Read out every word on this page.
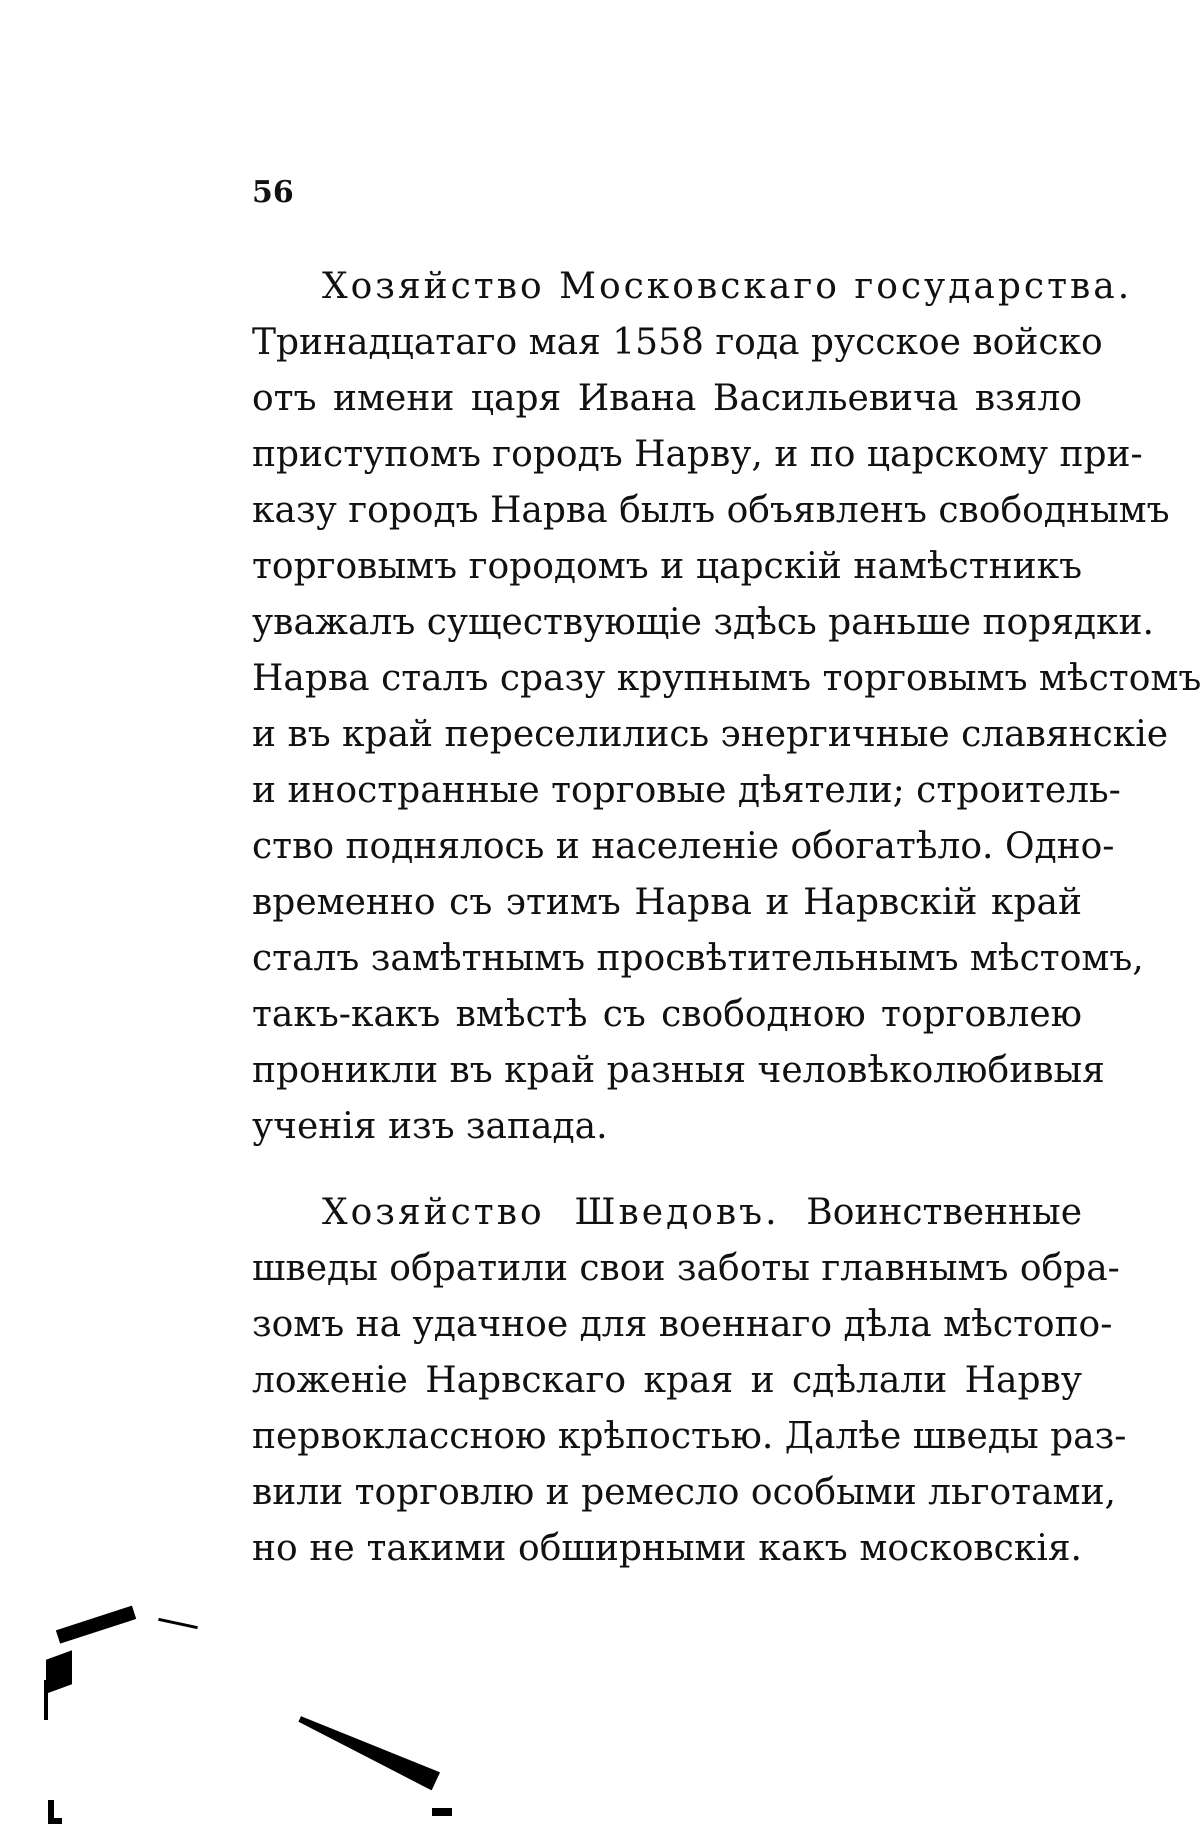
56
Хозяйство Московскаго государства.
Тринадцатаго мая 1558 года русское войско
отъ имени царя Ивана Васильевича взяло
приступомъ городъ Нарву, и по царскому при-
казу городъ Нарва былъ объявленъ свободнымъ
торговымъ городомъ и царскій намѣстникъ
уважалъ существующіе здѣсь раньше порядки.
Нарва сталъ сразу крупнымъ торговымъ мѣстомъ
и въ край переселились энергичные славянскіе
и иностранные торговые дѣятели; строитель-
ство поднялось и населеніе обогатѣло. Одно-
временно съ этимъ Нарва и Нарвскій край
сталъ замѣтнымъ просвѣтительнымъ мѣстомъ,
такъ-какъ вмѣстѣ съ свободною торговлею
проникли въ край разныя человѣколюбивыя
ученія изъ запада.
Хозяйство Шведовъ. Воинственные
шведы обратили свои заботы главнымъ обра-
зомъ на удачное для военнаго дѣла мѣстопо-
ложеніе Нарвскаго края и сдѣлали Нарву
первоклассною крѣпостью. Далѣе шведы раз-
вили торговлю и ремесло особыми льготами,
но не такими обширными какъ московскія.
